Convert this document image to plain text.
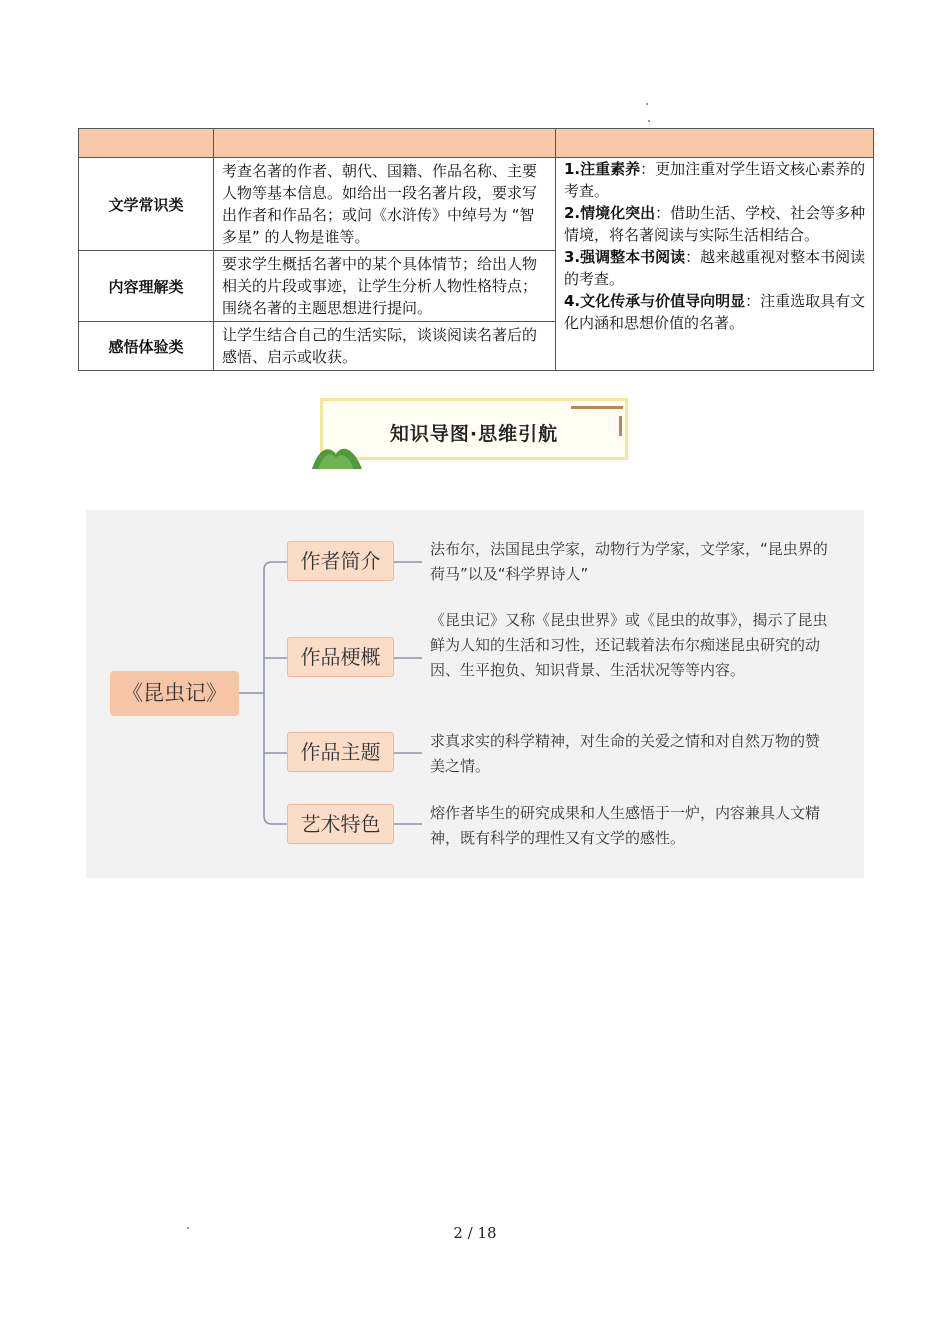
文学常识类	考查名著的作者、朝代、国籍、作品名称、主要人物等基本信息。如给出一段名著片段，要求写出作者和作品名；或问《水浒传》中绰号为 “智多星” 的人物是谁等。	1.注重素养：更加注重对学生语文核心素养的考查。

2.情境化突出：借助生活、学校、社会等多种情境，将名著阅读与实际生活相结合。

3.强调整本书阅读：越来越重视对整本书阅读的考查。

4.文化传承与价值导向明显：注重选取具有文化内涵和思想价值的名著。

内容理解类	要求学生概括名著中的某个具体情节；给出人物相关的片段或事迹，让学生分析人物性格特点；围绕名著的主题思想进行提问。	
感悟体验类	让学生结合自己的生活实际，谈谈阅读名著后的感悟、启示或收获。	
知识导图·思维引航
《昆虫记》
作者简介	法布尔，法国昆虫学家，动物行为学家，文学家，“昆虫界的荷马”以及“科学界诗人”
作品梗概
《昆虫记》又称《昆虫世界》或《昆虫的故事》，揭示了昆虫鲜为人知的生活和习性，还记载着法布尔痴迷昆虫研究的动因、生平抱负、知识背景、生活状况等等内容。
作品主题	求真求实的科学精神，对生命的关爱之情和对自然万物的赞美之情。
艺术特色	熔作者毕生的研究成果和人生感悟于一炉，内容兼具人文精神，既有科学的理性又有文学的感性。
2 / 18
